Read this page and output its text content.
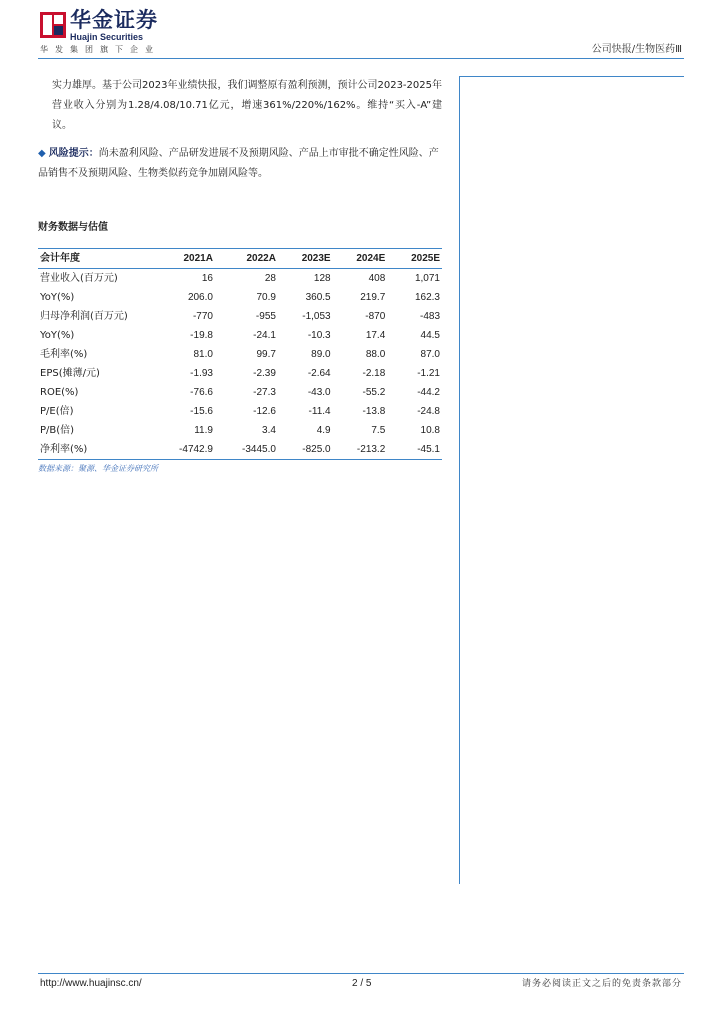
华金证券
Huajin Securities
华发集团旗下企业	公司快报/生物医药Ⅲ
实力雄厚。基于公司2023年业绩快报，我们调整原有盈利预测，预计公司2023-2025年营业收入分别为1.28/4.08/10.71亿元，增速361%/220%/162%。维持“买入-A”建议。
◆ 风险提示：尚未盈利风险、产品研发进展不及预期风险、产品上市审批不确定性风险、产品销售不及预期风险、生物类似药竞争加剧风险等。
财务数据与估值
会计年度	2021A	2022A	2023E	2024E	2025E
营业收入(百万元)	16	28	128	408	1,071
YoY(%)	206.0	70.9	360.5	219.7	162.3
归母净利润(百万元)	-770	-955	-1,053	-870	-483
YoY(%)	-19.8	-24.1	-10.3	17.4	44.5
毛利率(%)	81.0	99.7	89.0	88.0	87.0
EPS(摊薄/元)	-1.93	-2.39	-2.64	-2.18	-1.21
ROE(%)	-76.6	-27.3	-43.0	-55.2	-44.2
P/E(倍)	-15.6	-12.6	-11.4	-13.8	-24.8
P/B(倍)	11.9	3.4	4.9	7.5	10.8
净利率(%)	-4742.9	-3445.0	-825.0	-213.2	-45.1
数据来源：聚源、华金证券研究所
http://www.huajinsc.cn/	2 / 5	请务必阅读正文之后的免责条款部分
